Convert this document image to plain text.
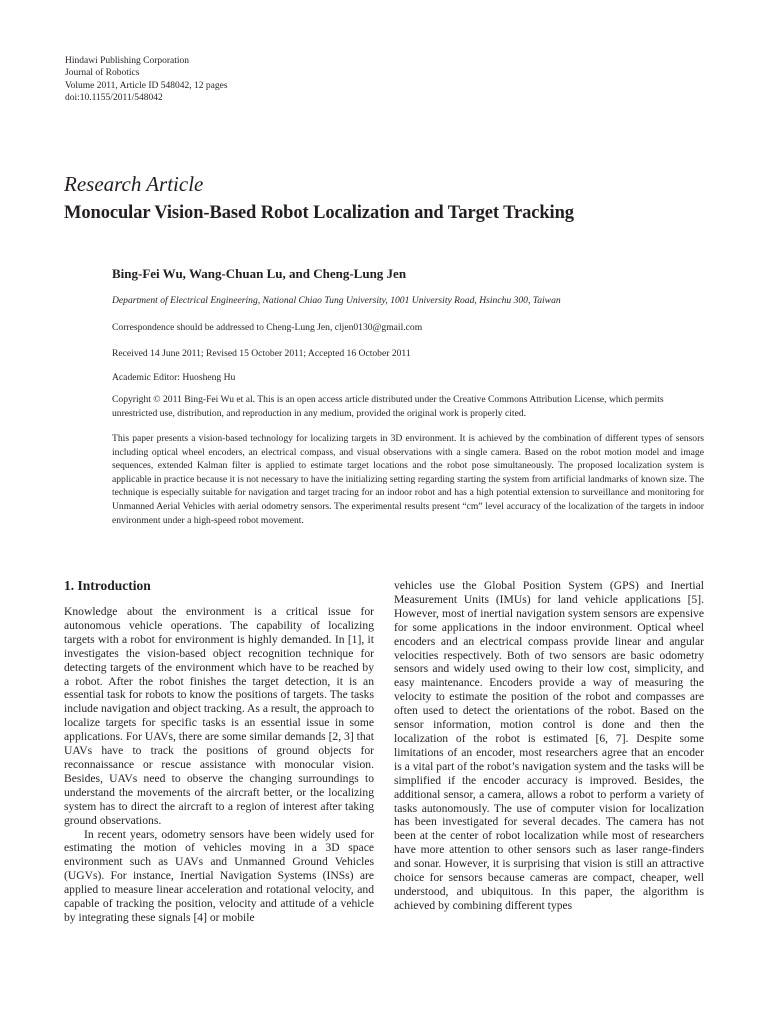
Hindawi Publishing Corporation
Journal of Robotics
Volume 2011, Article ID 548042, 12 pages
doi:10.1155/2011/548042
Research Article
Monocular Vision-Based Robot Localization and Target Tracking
Bing-Fei Wu, Wang-Chuan Lu, and Cheng-Lung Jen
Department of Electrical Engineering, National Chiao Tung University, 1001 University Road, Hsinchu 300, Taiwan
Correspondence should be addressed to Cheng-Lung Jen, cljen0130@gmail.com
Received 14 June 2011; Revised 15 October 2011; Accepted 16 October 2011
Academic Editor: Huosheng Hu
Copyright © 2011 Bing-Fei Wu et al. This is an open access article distributed under the Creative Commons Attribution License, which permits unrestricted use, distribution, and reproduction in any medium, provided the original work is properly cited.
This paper presents a vision-based technology for localizing targets in 3D environment. It is achieved by the combination of different types of sensors including optical wheel encoders, an electrical compass, and visual observations with a single camera. Based on the robot motion model and image sequences, extended Kalman filter is applied to estimate target locations and the robot pose simultaneously. The proposed localization system is applicable in practice because it is not necessary to have the initializing setting regarding starting the system from artificial landmarks of known size. The technique is especially suitable for navigation and target tracing for an indoor robot and has a high potential extension to surveillance and monitoring for Unmanned Aerial Vehicles with aerial odometry sensors. The experimental results present “cm” level accuracy of the localization of the targets in indoor environment under a high-speed robot movement.
1. Introduction

Knowledge about the environment is a critical issue for autonomous vehicle operations. The capability of localizing targets with a robot for environment is highly demanded. In [1], it investigates the vision-based object recognition technique for detecting targets of the environment which have to be reached by a robot. After the robot finishes the target detection, it is an essential task for robots to know the positions of targets. The tasks include navigation and object tracking. As a result, the approach to localize targets for specific tasks is an essential issue in some applications. For UAVs, there are some similar demands [2, 3] that UAVs have to track the positions of ground objects for reconnaissance or rescue assistance with monocular vision. Besides, UAVs need to observe the changing surroundings to understand the movements of the aircraft better, or the localizing system has to direct the aircraft to a region of interest after taking ground observations.

In recent years, odometry sensors have been widely used for estimating the motion of vehicles moving in a 3D space environment such as UAVs and Unmanned Ground Vehicles (UGVs). For instance, Inertial Navigation Systems (INSs) are applied to measure linear acceleration and rotational velocity, and capable of tracking the position, velocity and attitude of a vehicle by integrating these signals [4] or mobile

vehicles use the Global Position System (GPS) and Inertial Measurement Units (IMUs) for land vehicle applications [5]. However, most of inertial navigation system sensors are expensive for some applications in the indoor environment. Optical wheel encoders and an electrical compass provide linear and angular velocities respectively. Both of two sensors are basic odometry sensors and widely used owing to their low cost, simplicity, and easy maintenance. Encoders provide a way of measuring the velocity to estimate the position of the robot and compasses are often used to detect the orientations of the robot. Based on the sensor information, motion control is done and then the localization of the robot is estimated [6, 7]. Despite some limitations of an encoder, most researchers agree that an encoder is a vital part of the robot’s navigation system and the tasks will be simplified if the encoder accuracy is improved. Besides, the additional sensor, a camera, allows a robot to perform a variety of tasks autonomously. The use of computer vision for localization has been investigated for several decades. The camera has not been at the center of robot localization while most of researchers have more attention to other sensors such as laser range-finders and sonar. However, it is surprising that vision is still an attractive choice for sensors because cameras are compact, cheaper, well understood, and ubiquitous. In this paper, the algorithm is achieved by combining different types
